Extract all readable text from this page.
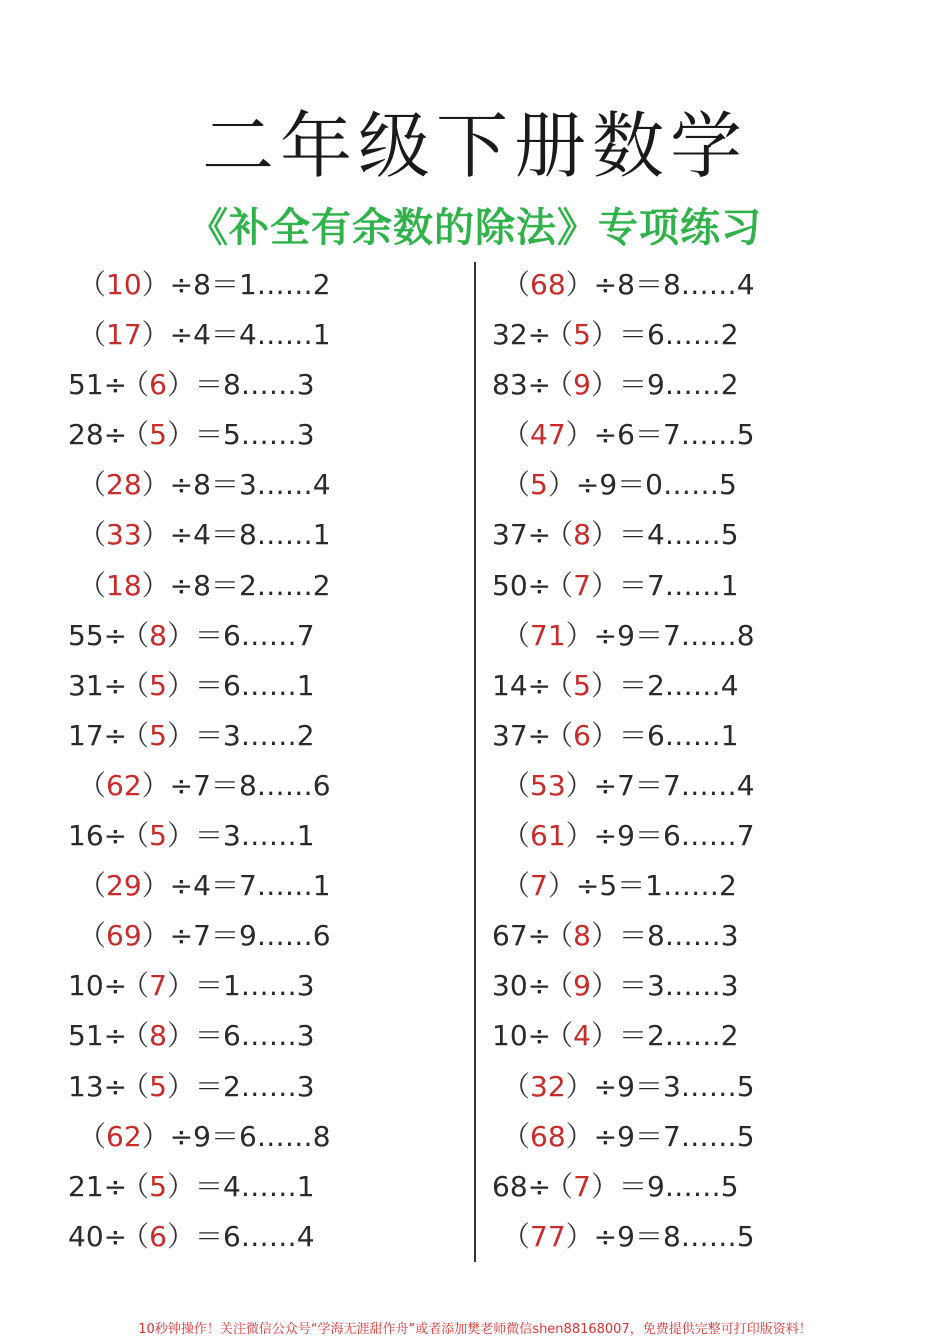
二年级下册数学
《补全有余数的除法》专项练习
（10）÷8＝1……2
（17）÷4＝4……1
51÷（6）＝8……3
28÷（5）＝5……3
（28）÷8＝3……4
（33）÷4＝8……1
（18）÷8＝2……2
55÷（8）＝6……7
31÷（5）＝6……1
17÷（5）＝3……2
（62）÷7＝8……6
16÷（5）＝3……1
（29）÷4＝7……1
（69）÷7＝9……6
10÷（7）＝1……3
51÷（8）＝6……3
13÷（5）＝2……3
（62）÷9＝6……8
21÷（5）＝4……1
40÷（6）＝6……4
（68）÷8＝8……4
32÷（5）＝6……2
83÷（9）＝9……2
（47）÷6＝7……5
（5）÷9＝0……5
37÷（8）＝4……5
50÷（7）＝7……1
（71）÷9＝7……8
14÷（5）＝2……4
37÷（6）＝6……1
（53）÷7＝7……4
（61）÷9＝6……7
（7）÷5＝1……2
67÷（8）＝8……3
30÷（9）＝3……3
10÷（4）＝2……2
（32）÷9＝3……5
（68）÷9＝7……5
68÷（7）＝9……5
（77）÷9＝8……5
10秒钟操作！关注微信公众号“学海无涯甜作舟”或者添加樊老师微信shen88168007，免费提供完整可打印版资料！
